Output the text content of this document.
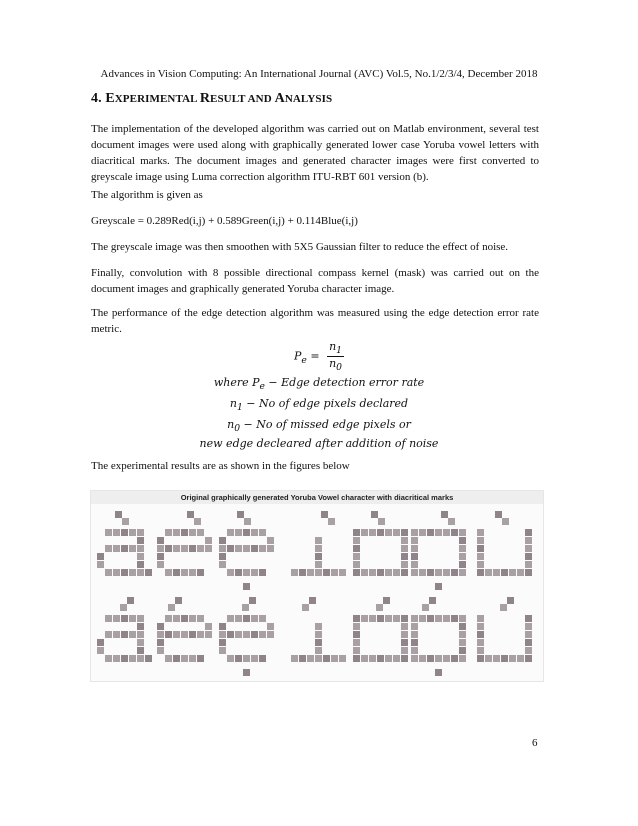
Advances in Vision Computing: An International Journal (AVC) Vol.5, No.1/2/3/4, December 2018
4. EXPERIMENTAL RESULT AND ANALYSIS

The implementation of the developed algorithm was carried out on Matlab environment, several test document images were used along with graphically generated lower case Yoruba vowel letters with diacritical marks. The document images and generated character images were first converted to greyscale image using Luma correction algorithm ITU-RBT 601 version (b).

The algorithm is given as

Greyscale = 0.289Red(i,j) + 0.589Green(i,j) + 0.114Blue(i,j)

The greyscale image was then smoothen with 5X5 Gaussian filter to reduce the effect of noise.

Finally, convolution with 8 possible directional compass kernel (mask) was carried out on the document images and graphically generated Yoruba character image.

The performance of the edge detection algorithm was measured using the edge detection error rate metric.

$P_e = \frac{n_1}{n_0}$
where $P_e$ − Edge detection error rate
$n_1 - No$ of edge pixels declared
$n_0 - No$ of missed edge pixels or
new edge decleared after addition of noise

The experimental results are as shown in the figures below

Original graphically generated Yoruba Vowel character with diacritical marks
6
